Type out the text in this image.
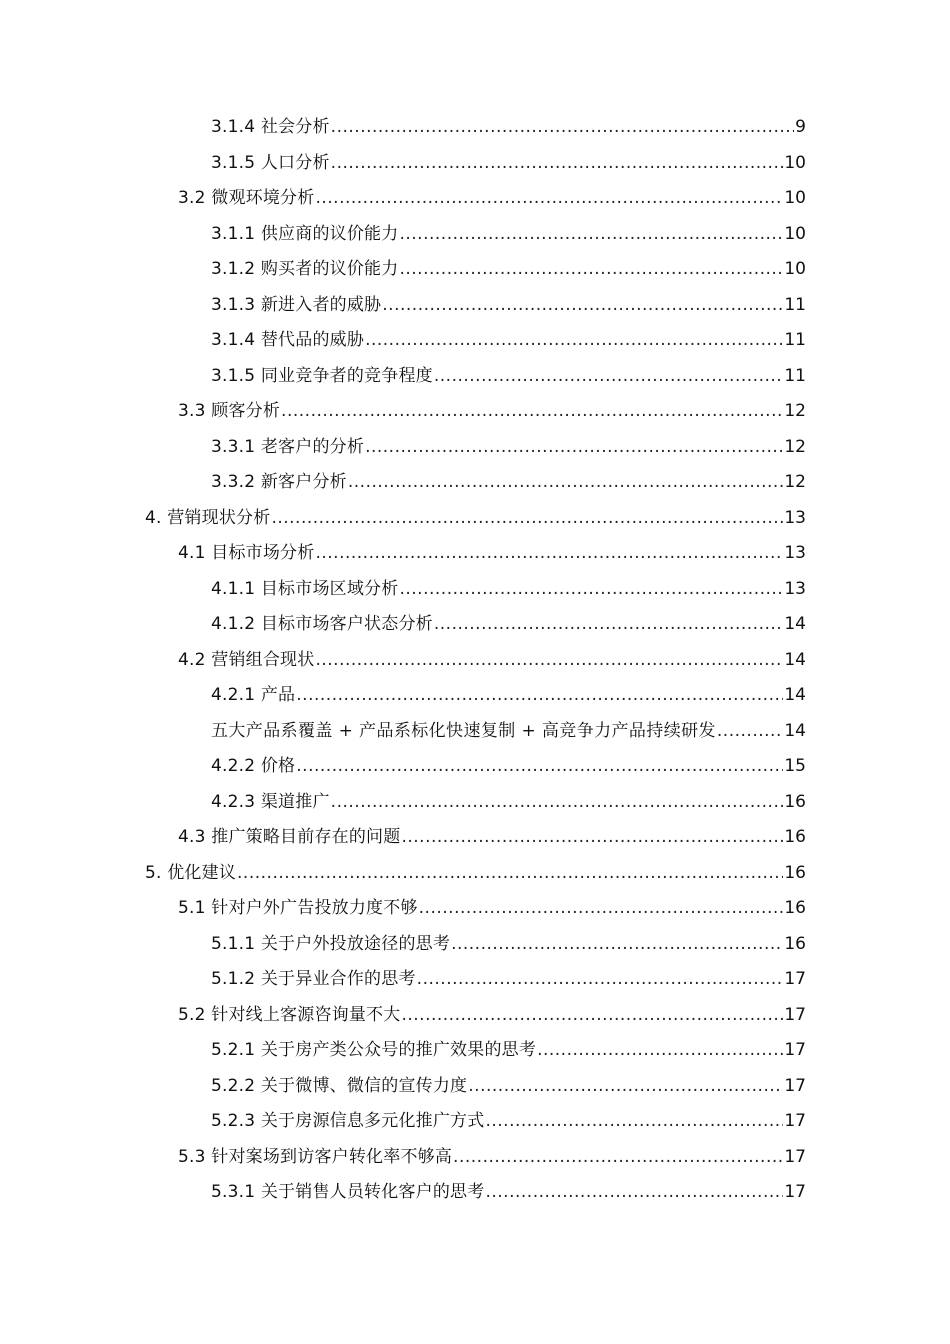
3.1.4 社会分析 .....	9
3.1.5 人口分析 .....	10
3.2 微观环境分析 .....	10
3.1.1 供应商的议价能力 .....	10
3.1.2 购买者的议价能力 .....	10
3.1.3 新进入者的威胁 .....	11
3.1.4 替代品的威胁 .....	11
3.1.5 同业竞争者的竞争程度 .....	11
3.3 顾客分析 .....	12
3.3.1 老客户的分析 .....	12
3.3.2 新客户分析 .....	12
4. 营销现状分析 .....	13
4.1 目标市场分析 .....	13
4.1.1 目标市场区域分析 .....	13
4.1.2 目标市场客户状态分析 .....	14
4.2 营销组合现状 .....	14
4.2.1 产品 .....	14
五大产品系覆盖 + 产品系标化快速复制 + 高竞争力产品持续研发 .....	14
4.2.2 价格 .....	15
4.2.3 渠道推广 .....	16
4.3 推广策略目前存在的问题 .....	16
5. 优化建议 .....	16
5.1 针对户外广告投放力度不够 .....	16
5.1.1 关于户外投放途径的思考 .....	16
5.1.2 关于异业合作的思考 .....	17
5.2 针对线上客源咨询量不大 .....	17
5.2.1 关于房产类公众号的推广效果的思考 .....	17
5.2.2 关于微博、微信的宣传力度 .....	17
5.2.3 关于房源信息多元化推广方式 .....	17
5.3 针对案场到访客户转化率不够高 .....	17
5.3.1 关于销售人员转化客户的思考 .....	17
